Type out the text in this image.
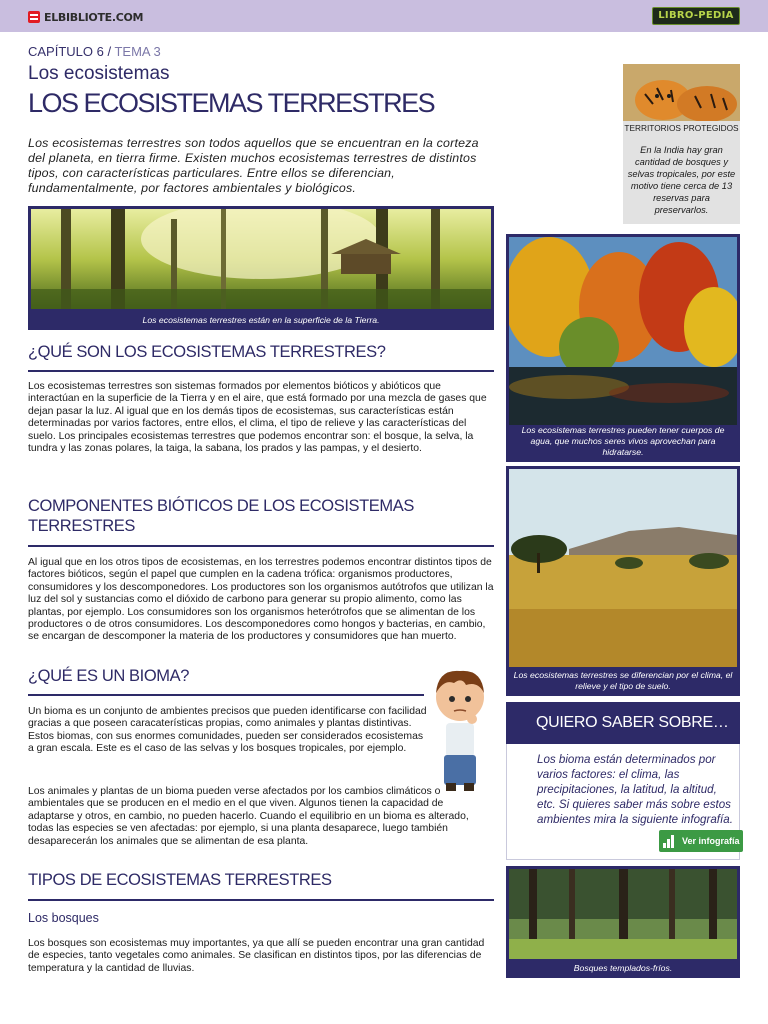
ELBIBLIOTE.COM	LIBRO-PEDIA
CAPÍTULO 6 / TEMA 3
Los ecosistemas
LOS ECOSISTEMAS TERRESTRES
Los ecosistemas terrestres son todos aquellos que se encuentran en la corteza del planeta, en tierra firme. Existen muchos ecosistemas terrestres de distintos tipos, con características particulares. Entre ellos se diferencian, fundamentalmente, por factores ambientales y biológicos.
Los ecosistemas terrestres están en la superficie de la Tierra.
¿QUÉ SON LOS ECOSISTEMAS TERRESTRES?
Los ecosistemas terrestres son sistemas formados por elementos bióticos y abióticos que interactúan en la superficie de la Tierra y en el aire, que está formado por una mezcla de gases que dejan pasar la luz. Al igual que en los demás tipos de ecosistemas, sus características están determinadas por varios factores, entre ellos, el clima, el tipo de relieve y las características del suelo. Los principales ecosistemas terrestres que podemos encontrar son: el bosque, la selva, la tundra y las zonas polares, la taiga, la sabana, los prados y las pampas, y el desierto.
COMPONENTES BIÓTICOS DE LOS ECOSISTEMAS
TERRESTRES
Al igual que en los otros tipos de ecosistemas, en los terrestres podemos encontrar distintos tipos de factores bióticos, según el papel que cumplen en la cadena trófica: organismos productores, consumidores y los descomponedores. Los productores son los organismos autótrofos que utilizan la luz del sol y sustancias como el dióxido de carbono para generar su propio alimento, como las plantas, por ejemplo. Los consumidores son los organismos heterótrofos que se alimentan de los productores o de otros consumidores. Los descomponedores como hongos y bacterias, en cambio, se encargan de descomponer la materia de los productores y consumidores que han muerto.
¿QUÉ ES UN BIOMA?
Un bioma es un conjunto de ambientes precisos que pueden identificarse con facilidad gracias a que poseen caracaterísticas propias, como animales y plantas distintivas. Estos biomas, con sus enormes comunidades, pueden ser considerados ecosistemas a gran escala. Este es el caso de las selvas y los bosques tropicales, por ejemplo.
Los animales y plantas de un bioma pueden verse afectados por los cambios climáticos o ambientales que se producen en el medio en el que viven. Algunos tienen la capacidad de adaptarse y otros, en cambio, no pueden hacerlo. Cuando el equilibrio en un bioma es alterado, todas las especies se ven afectadas: por ejemplo, si una planta desaparece, luego también desaparecerán los animales que se alimentan de esa planta.
TIPOS DE ECOSISTEMAS TERRESTRES
Los bosques
Los bosques son ecosistemas muy importantes, ya que allí se pueden encontrar una gran cantidad de especies, tanto vegetales como animales. Se clasifican en distintos tipos, por las diferencias de temperatura y la cantidad de lluvias.
TERRITORIOS PROTEGIDOS
En la India hay gran cantidad de bosques y selvas tropicales, por este motivo tiene cerca de 13 reservas para preservarlos.
Los ecosistemas terrestres pueden tener cuerpos de agua, que muchos seres vivos aprovechan para hidratarse.
Los ecosistemas terrestres se diferencian por el clima, el relieve y el tipo de suelo.
QUIERO SABER SOBRE…
Los bioma están determinados por varios factores: el clima, las precipitaciones, la latitud, la altitud, etc. Si quieres saber más sobre estos ambientes mira la siguiente infografía.
Ver infografía
Bosques templados-fríos.
